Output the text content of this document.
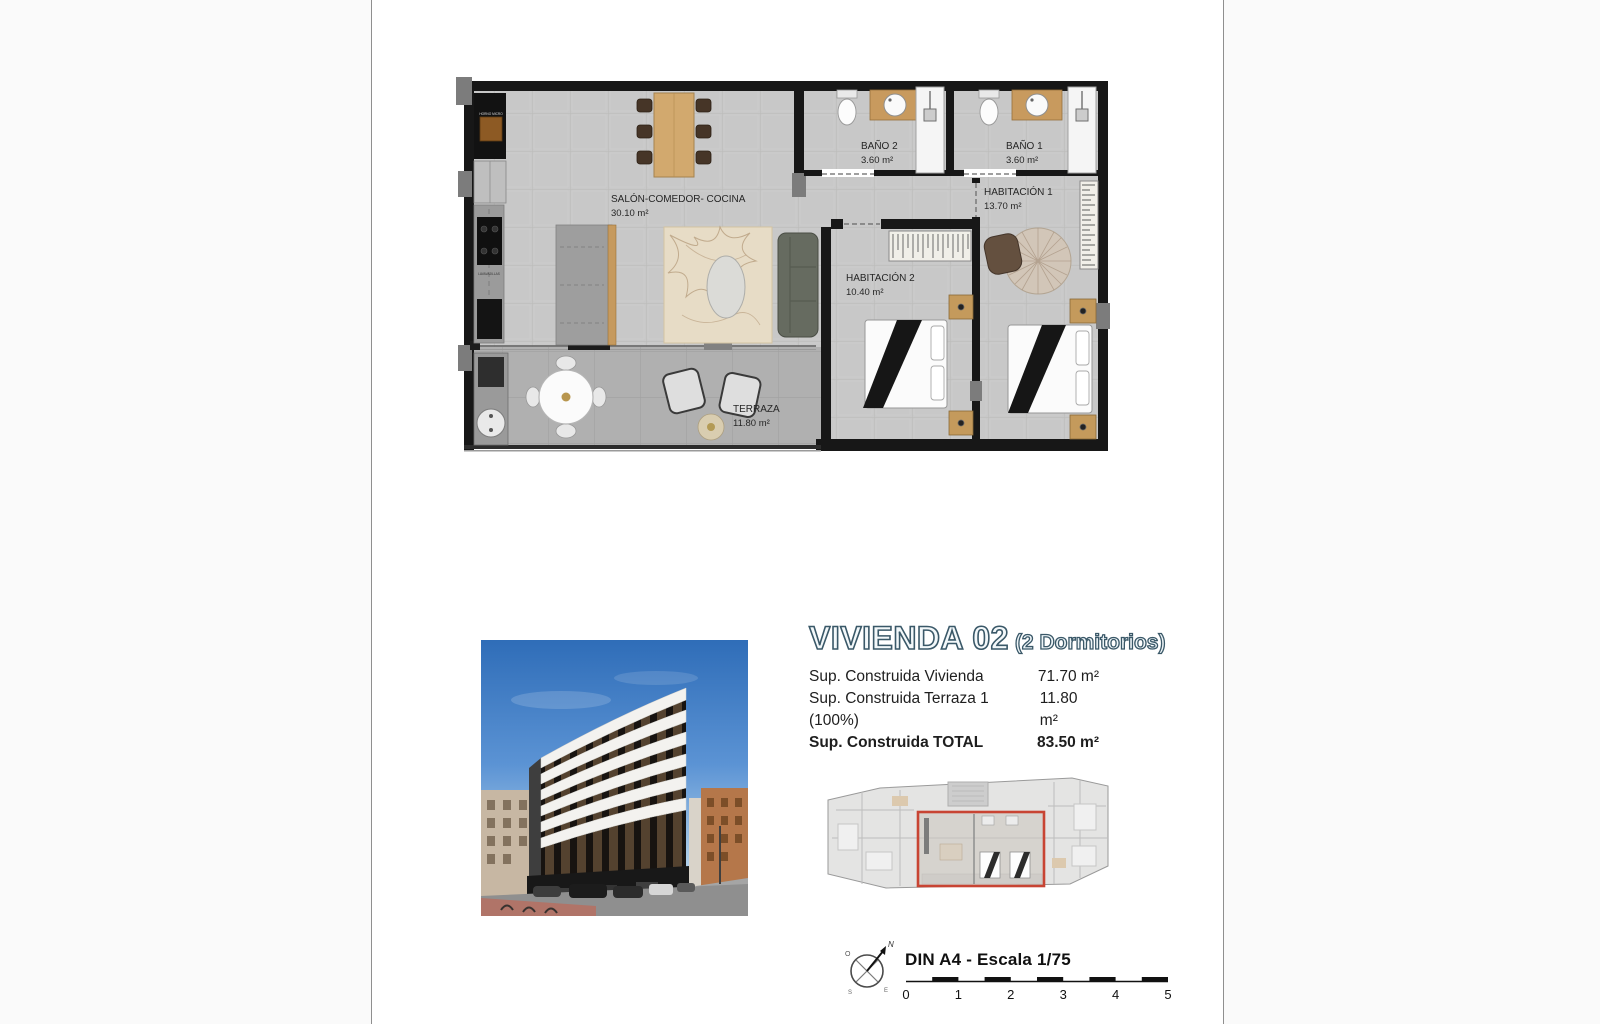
HORNO MICRO
LAVAVAJILLAS
SALÓN-COMEDOR- COCINA
30.10 m²
BAÑO 2
3.60 m²
BAÑO 1
3.60 m²
HABITACIÓN 1
13.70 m²
HABITACIÓN 2
10.40 m²
TERRAZA
11.80 m²
VIVIENDA 02 (2 Dormitorios)
Sup. Construida Vivienda	71.70 m²
Sup. Construida Terraza 1 (100%)
11.80 m²
Sup. Construida TOTAL	83.50 m²
N
O
S	E
DIN A4 - Escala 1/75
0	1	2	3	4	5
